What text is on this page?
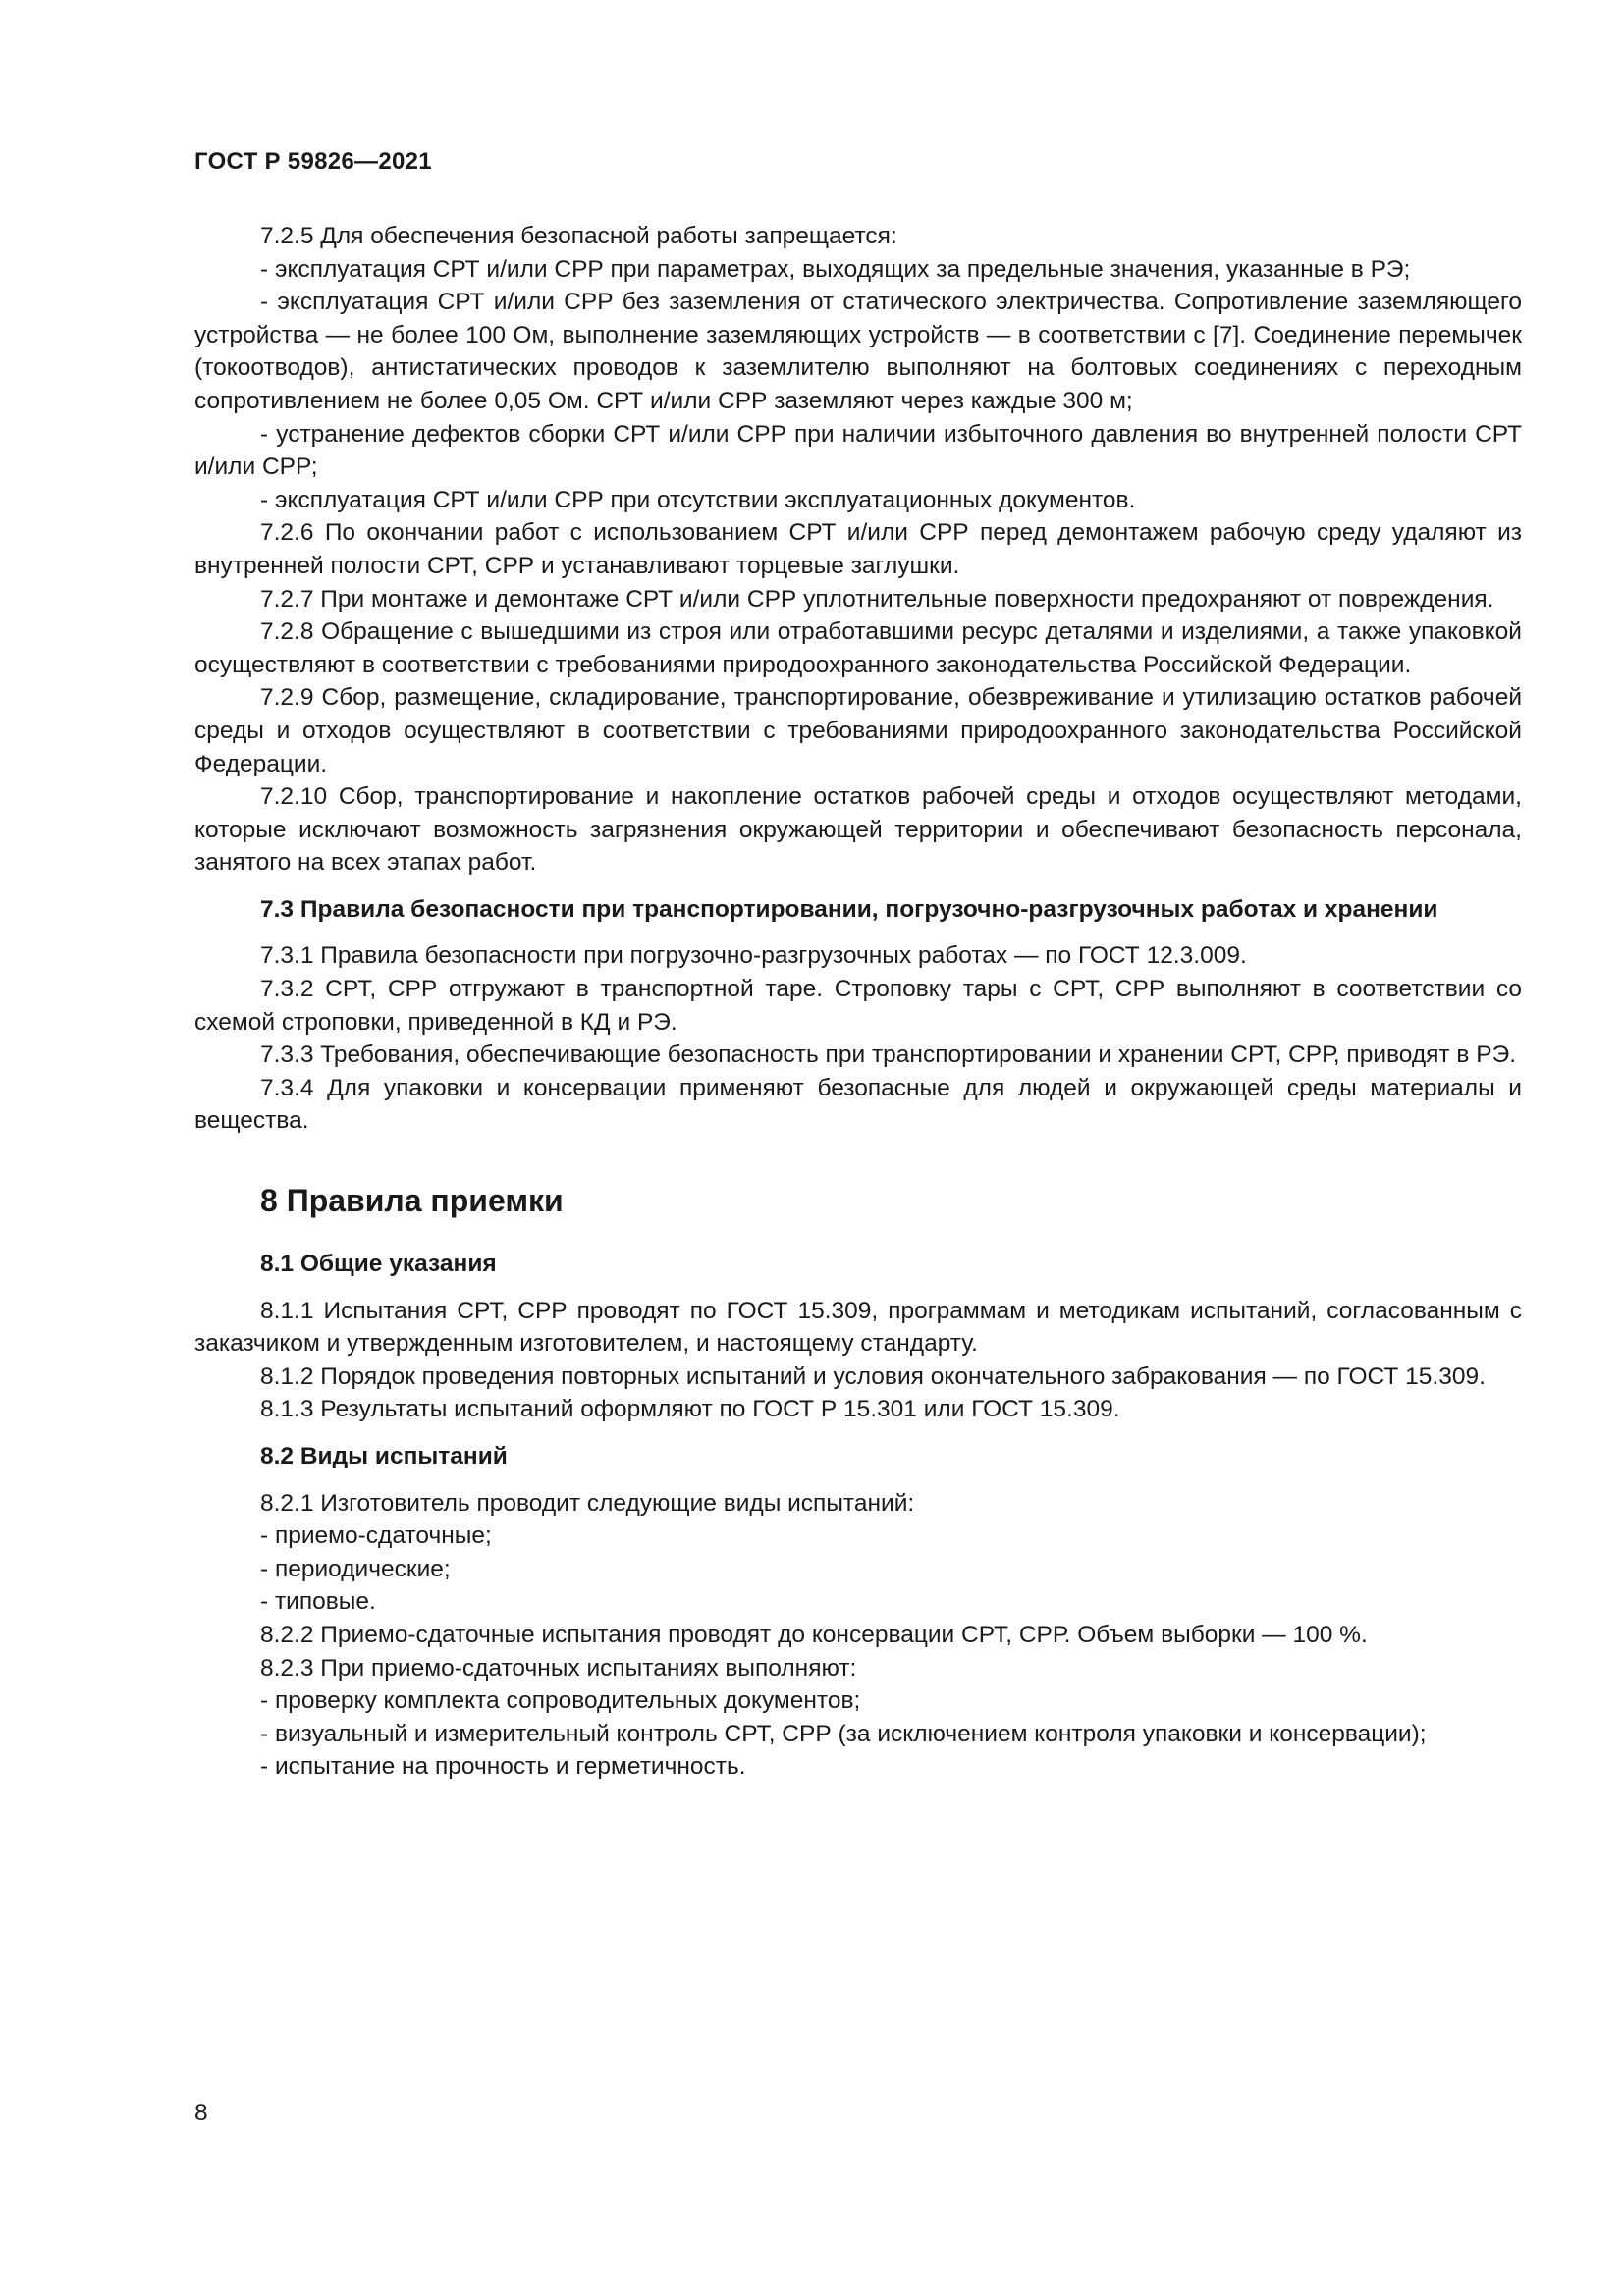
ГОСТ Р 59826—2021

7.2.5 Для обеспечения безопасной работы запрещается:

- эксплуатация СРТ и/или СРР при параметрах, выходящих за предельные значения, указанные в РЭ;

- эксплуатация СРТ и/или СРР без заземления от статического электричества. Сопротивление заземляющего устройства — не более 100 Ом, выполнение заземляющих устройств — в соответствии с [7]. Соединение перемычек (токоотводов), антистатических проводов к заземлителю выполняют на болтовых соединениях с переходным сопротивлением не более 0,05 Ом. СРТ и/или СРР заземляют через каждые 300 м;

- устранение дефектов сборки СРТ и/или СРР при наличии избыточного давления во внутренней полости СРТ и/или СРР;

- эксплуатация СРТ и/или СРР при отсутствии эксплуатационных документов.

7.2.6 По окончании работ с использованием СРТ и/или СРР перед демонтажем рабочую среду удаляют из внутренней полости СРТ, СРР и устанавливают торцевые заглушки.

7.2.7 При монтаже и демонтаже СРТ и/или СРР уплотнительные поверхности предохраняют от повреждения.

7.2.8 Обращение с вышедшими из строя или отработавшими ресурс деталями и изделиями, а также упаковкой осуществляют в соответствии с требованиями природоохранного законодательства Российской Федерации.

7.2.9 Сбор, размещение, складирование, транспортирование, обезвреживание и утилизацию остатков рабочей среды и отходов осуществляют в соответствии с требованиями природоохранного законодательства Российской Федерации.

7.2.10 Сбор, транспортирование и накопление остатков рабочей среды и отходов осуществляют методами, которые исключают возможность загрязнения окружающей территории и обеспечивают безопасность персонала, занятого на всех этапах работ.

7.3 Правила безопасности при транспортировании, погрузочно-разгрузочных работах и хранении

7.3.1 Правила безопасности при погрузочно-разгрузочных работах — по ГОСТ 12.3.009.

7.3.2 СРТ, СРР отгружают в транспортной таре. Строповку тары с СРТ, СРР выполняют в соответствии со схемой строповки, приведенной в КД и РЭ.

7.3.3 Требования, обеспечивающие безопасность при транспортировании и хранении СРТ, СРР, приводят в РЭ.

7.3.4 Для упаковки и консервации применяют безопасные для людей и окружающей среды материалы и вещества.

8 Правила приемки
8.1 Общие указания

8.1.1 Испытания СРТ, СРР проводят по ГОСТ 15.309, программам и методикам испытаний, согласованным с заказчиком и утвержденным изготовителем, и настоящему стандарту.

8.1.2 Порядок проведения повторных испытаний и условия окончательного забракования — по ГОСТ 15.309.

8.1.3 Результаты испытаний оформляют по ГОСТ Р 15.301 или ГОСТ 15.309.

8.2 Виды испытаний

8.2.1 Изготовитель проводит следующие виды испытаний:

- приемо-сдаточные;

- периодические;

- типовые.

8.2.2 Приемо-сдаточные испытания проводят до консервации СРТ, СРР. Объем выборки — 100 %.

8.2.3 При приемо-сдаточных испытаниях выполняют:

- проверку комплекта сопроводительных документов;

- визуальный и измерительный контроль СРТ, СРР (за исключением контроля упаковки и консервации);

- испытание на прочность и герметичность.

8
